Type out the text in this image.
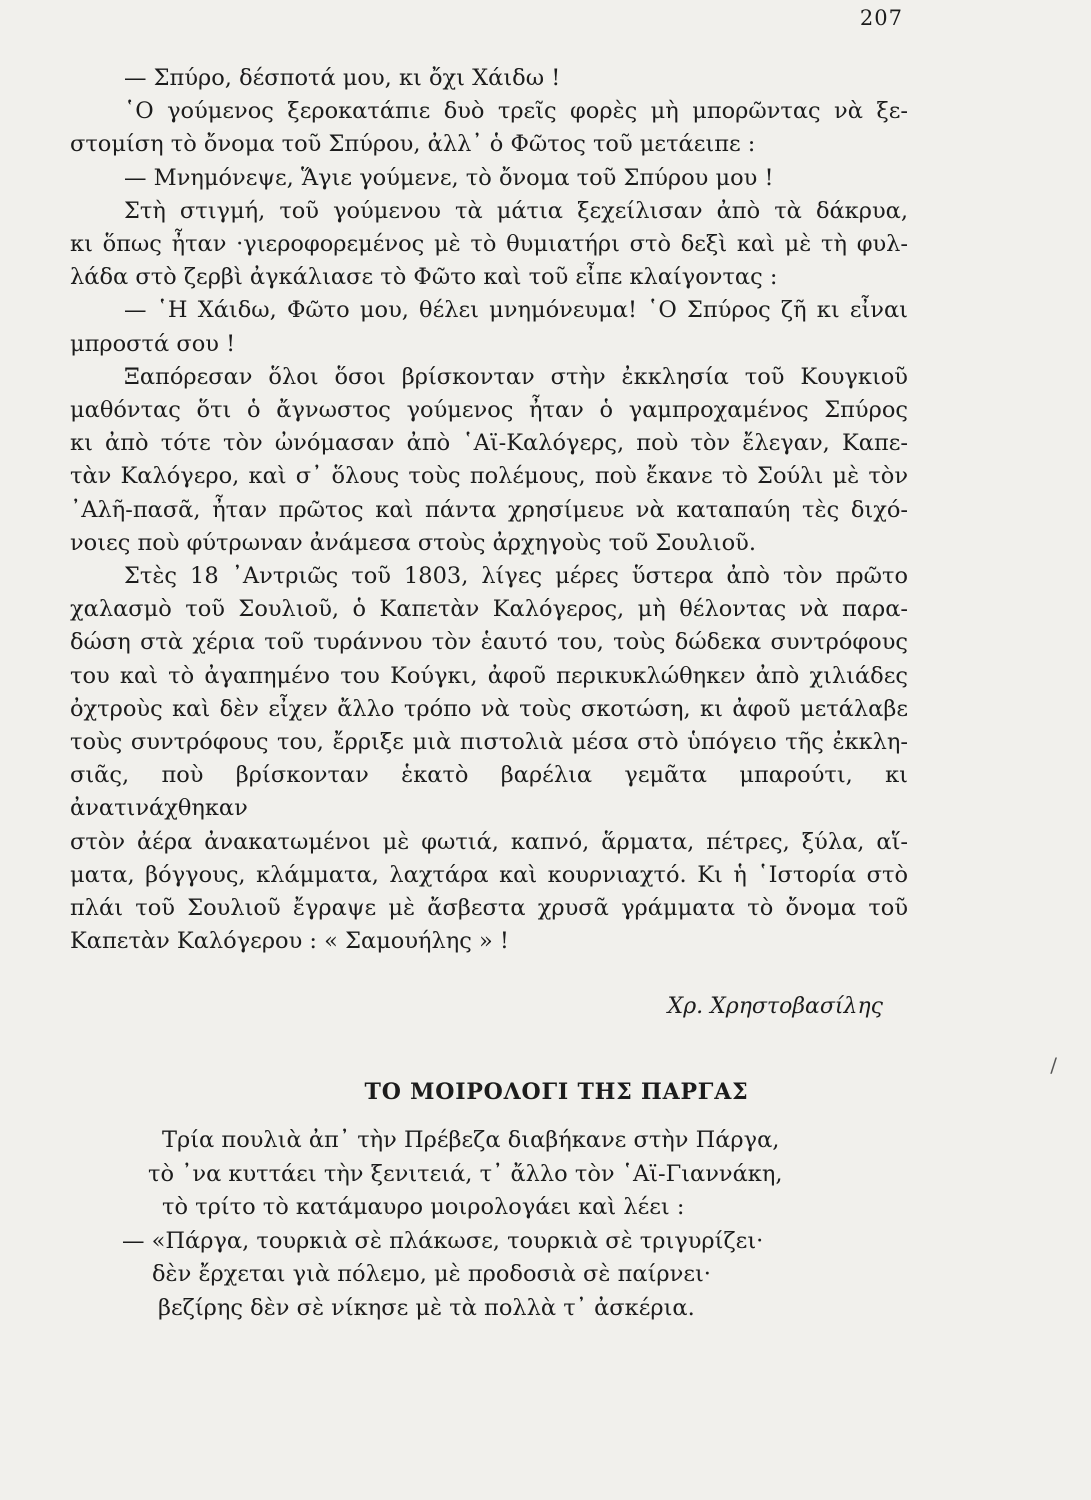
207
— Σπύρο, δέσποτά μου, κι ὄχι Χάιδω !
῾Ο γούμενος ξεροκατάπιε δυὸ τρεῖς φορὲς μὴ μπορῶντας νὰ ξε-
στομίση τὸ ὄνομα τοῦ Σπύρου, ἀλλ᾽ ὁ Φῶτος τοῦ μετάειπε :
— Μνημόνεψε, Ἅγιε γούμενε, τὸ ὄνομα τοῦ Σπύρου μου !
Στὴ στιγμή, τοῦ γούμενου τὰ μάτια ξεχείλισαν ἀπὸ τὰ δάκρυα,
κι ὅπως ἦταν ·γιεροφορεμένος μὲ τὸ θυμιατήρι στὸ δεξὶ καὶ μὲ τὴ φυλ-
λάδα στὸ ζερβὶ ἀγκάλιασε τὸ Φῶτο καὶ τοῦ εἶπε κλαίγοντας :
— ῾Η Χάιδω, Φῶτο μου, θέλει μνημόνευμα! ῾Ο Σπύρος ζῆ κι εἶναι
μπροστά σου !
Ξαπόρεσαν ὅλοι ὅσοι βρίσκονταν στὴν ἐκκλησία τοῦ Κουγκιοῦ
μαθόντας ὅτι ὁ ἄγνωστος γούμενος ἦταν ὁ γαμπροχαμένος Σπύρος
κι ἀπὸ τότε τὸν ὠνόμασαν ἀπὸ ῾Αϊ-Καλόγερς, ποὺ τὸν ἔλεγαν, Καπε-
τὰν Καλόγερο, καὶ σ᾽ ὅλους τοὺς πολέμους, ποὺ ἔκανε τὸ Σούλι μὲ τὸν
᾽Αλῆ-πασᾶ, ἦταν πρῶτος καὶ πάντα χρησίμευε νὰ καταπαύη τὲς διχό-
νοιες ποὺ φύτρωναν ἀνάμεσα στοὺς ἀρχηγοὺς τοῦ Σουλιοῦ.
Στὲς 18 ᾽Αντριῶς τοῦ 1803, λίγες μέρες ὕστερα ἀπὸ τὸν πρῶτο
χαλασμὸ τοῦ Σουλιοῦ, ὁ Καπετὰν Καλόγερος, μὴ θέλοντας νὰ παρα-
δώση στὰ χέρια τοῦ τυράννου τὸν ἑαυτό του, τοὺς δώδεκα συντρόφους
του καὶ τὸ ἀγαπημένο του Κούγκι, ἀφοῦ περικυκλώθηκεν ἀπὸ χιλιάδες
ὀχτροὺς καὶ δὲν εἶχεν ἄλλο τρόπο νὰ τοὺς σκοτώση, κι ἀφοῦ μετάλαβε
τοὺς συντρόφους του, ἔρριξε μιὰ πιστολιὰ μέσα στὸ ὑπόγειο τῆς ἐκκλη-
σιᾶς, ποὺ βρίσκονταν ἑκατὸ βαρέλια γεμᾶτα μπαρούτι, κι ἀνατινάχθηκαν
στὸν ἀέρα ἀνακατωμένοι μὲ φωτιά, καπνό, ἅρματα, πέτρες, ξύλα, αἵ-
ματα, βόγγους, κλάμματα, λαχτάρα καὶ κουρνιαχτό. Κι ἡ ῾Ιστορία στὸ
πλάι τοῦ Σουλιοῦ ἔγραψε μὲ ἄσβεστα χρυσᾶ γράμματα τὸ ὄνομα τοῦ
Καπετὰν Καλόγερου : « Σαμουήλης » !
Χρ. Χρηστοβασίλης
/
ΤΟ ΜΟΙΡΟΛΟΓΙ ΤΗΣ ΠΑΡΓΑΣ
Τρία πουλιὰ ἀπ᾽ τὴν Πρέβεζα διαβήκανε στὴν Πάργα,
τὸ ᾽να κυττάει τὴν ξενιτειά, τ᾽ ἄλλο τὸν ῾Αϊ-Γιαννάκη,
τὸ τρίτο τὸ κατάμαυρο μοιρολογάει καὶ λέει :
— «Πάργα, τουρκιὰ σὲ πλάκωσε, τουρκιὰ σὲ τριγυρίζει·
δὲν ἔρχεται γιὰ πόλεμο, μὲ προδοσιὰ σὲ παίρνει·
βεζίρης δὲν σὲ νίκησε μὲ τὰ πολλὰ τ᾽ ἀσκέρια.
